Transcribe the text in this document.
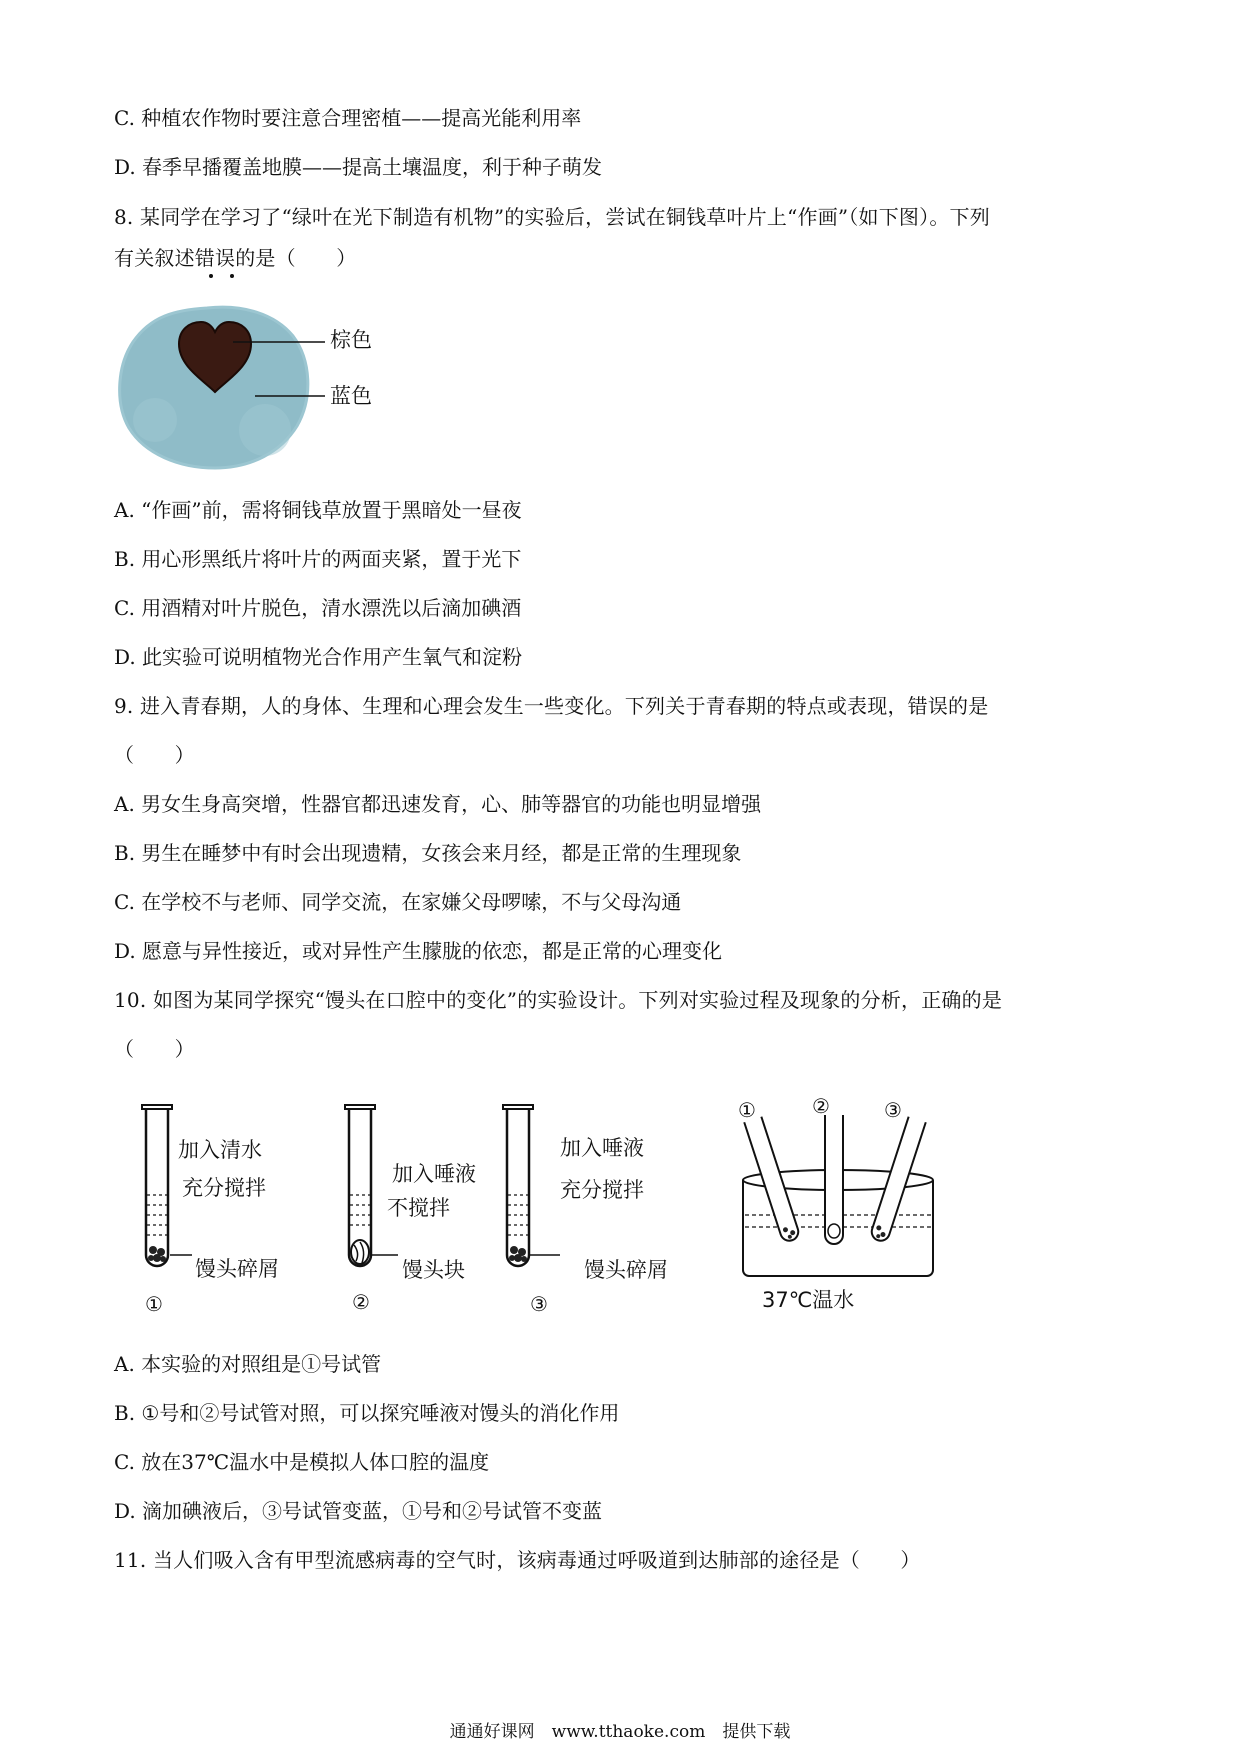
C. 种植农作物时要注意合理密植——提高光能利用率
D. 春季早播覆盖地膜——提高土壤温度，利于种子萌发
8. 某同学在学习了“绿叶在光下制造有机物”的实验后，尝试在铜钱草叶片上“作画”（如下图）。下列
有关叙述错误的是（　　）
棕色
蓝色
A. “作画”前，需将铜钱草放置于黑暗处一昼夜
B. 用心形黑纸片将叶片的两面夹紧，置于光下
C. 用酒精对叶片脱色，清水漂洗以后滴加碘酒
D. 此实验可说明植物光合作用产生氧气和淀粉
9. 进入青春期，人的身体、生理和心理会发生一些变化。下列关于青春期的特点或表现，错误的是
（　　）
A. 男女生身高突增，性器官都迅速发育，心、肺等器官的功能也明显增强
B. 男生在睡梦中有时会出现遗精，女孩会来月经，都是正常的生理现象
C. 在学校不与老师、同学交流，在家嫌父母啰嗦，不与父母沟通
D. 愿意与异性接近，或对异性产生朦胧的依恋，都是正常的心理变化
10. 如图为某同学探究“馒头在口腔中的变化”的实验设计。下列对实验过程及现象的分析，正确的是
（　　）
加入清水
充分搅拌
馒头碎屑
①
加入唾液
不搅拌
馒头块
②
加入唾液
充分搅拌
馒头碎屑
③
①	②	③
37℃温水
A. 本实验的对照组是①号试管
B. ①号和②号试管对照，可以探究唾液对馒头的消化作用
C. 放在37℃温水中是模拟人体口腔的温度
D. 滴加碘液后，③号试管变蓝，①号和②号试管不变蓝
11. 当人们吸入含有甲型流感病毒的空气时，该病毒通过呼吸道到达肺部的途径是（　　）
通通好课网　www.tthaoke.com　提供下载
